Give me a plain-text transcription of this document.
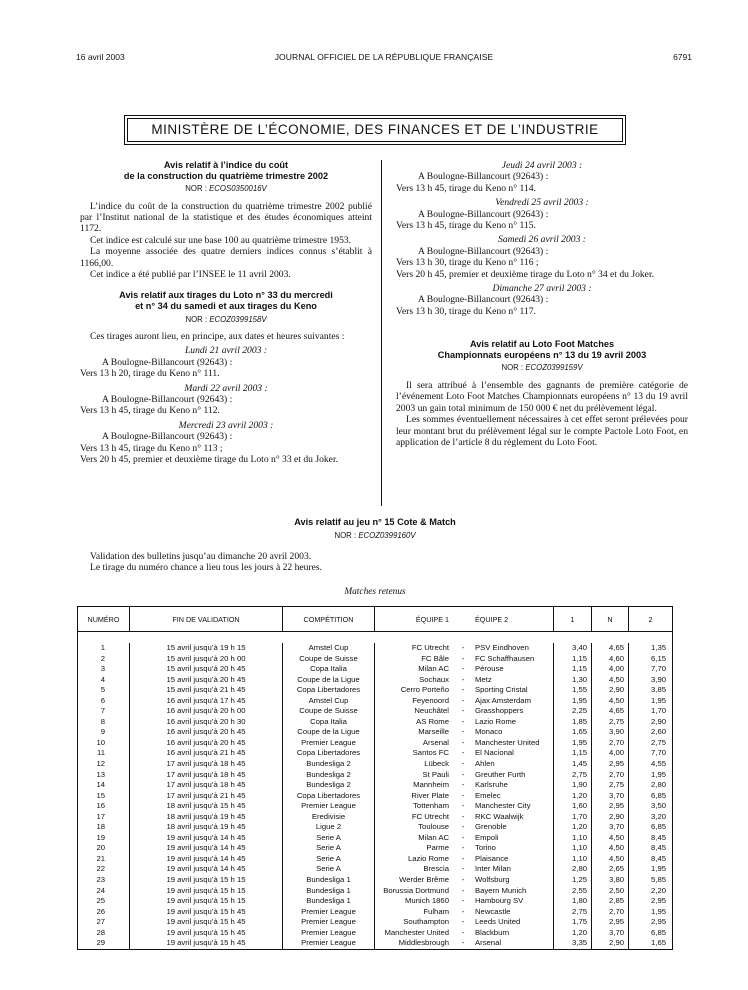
JOURNAL OFFICIEL DE LA RÉPUBLIQUE FRANÇAISE
16 avril 2003	6791
MINISTÈRE DE L’ÉCONOMIE, DES FINANCES ET DE L’INDUSTRIE
Avis relatif à l’indice du coût
de la construction du quatrième trimestre 2002
NOR : ECOS0350016V
L’indice du coût de la construction du quatrième trimestre 2002 publié par l’Institut national de la statistique et des études économiques atteint 1172.
Cet indice est calculé sur une base 100 au quatrième trimestre 1953.
La moyenne associée des quatre derniers indices connus s’établit à 1166,00.
Cet indice a été publié par l’INSEE le 11 avril 2003.
Avis relatif aux tirages du Loto n° 33 du mercredi
et n° 34 du samedi et aux tirages du Keno
NOR : ECOZ0399158V
Ces tirages auront lieu, en principe, aux dates et heures suivantes :
Lundi 21 avril 2003 :
A Boulogne-Billancourt (92643) :
Vers 13 h 20, tirage du Keno n° 111.
Mardi 22 avril 2003 :
A Boulogne-Billancourt (92643) :
Vers 13 h 45, tirage du Keno n° 112.
Mercredi 23 avril 2003 :
A Boulogne-Billancourt (92643) :
Vers 13 h 45, tirage du Keno n° 113 ;
Vers 20 h 45, premier et deuxième tirage du Loto n° 33 et du Joker.
Jeudi 24 avril 2003 :
A Boulogne-Billancourt (92643) :
Vers 13 h 45, tirage du Keno n° 114.
Vendredi 25 avril 2003 :
A Boulogne-Billancourt (92643) :
Vers 13 h 45, tirage du Keno n° 115.
Samedi 26 avril 2003 :
A Boulogne-Billancourt (92643) :
Vers 13 h 30, tirage du Keno n° 116 ;
Vers 20 h 45, premier et deuxième tirage du Loto n° 34 et du Joker.
Dimanche 27 avril 2003 :
A Boulogne-Billancourt (92643) :
Vers 13 h 30, tirage du Keno n° 117.
Avis relatif au Loto Foot Matches
Championnats européens n° 13 du 19 avril 2003
NOR : ECOZ0399159V
Il sera attribué à l’ensemble des gagnants de première catégorie de l’événement Loto Foot Matches Championnats européens n° 13 du 19 avril 2003 un gain total minimum de 150 000 € net du prélèvement légal.
Les sommes éventuellement nécessaires à cet effet seront prélevées pour leur montant brut du prélèvement légal sur le compte Pactole Loto Foot, en application de l’article 8 du règlement du Loto Foot.
Avis relatif au jeu n° 15 Cote & Match
NOR : ECOZ0399160V
Validation des bulletins jusqu’au dimanche 20 avril 2003.
Le tirage du numéro chance a lieu tous les jours à 22 heures.
Matches retenus
NUMÉRO	FIN DE VALIDATION	COMPÉTITION	ÉQUIPE 1	ÉQUIPE 2	1	N	2
1	15 avril jusqu’à 19 h 15	Amstel Cup	FC Utrecht	-	PSV Eindhoven	3,40	4,65	1,35
2	15 avril jusqu’à 20 h 00	Coupe de Suisse	FC Bâle	-	FC Schaffhausen	1,15	4,60	6,15
3	15 avril jusqu’à 20 h 45	Copa Italia	Milan AC	-	Pérouse	1,15	4,00	7,70
4	15 avril jusqu’à 20 h 45	Coupe de la Ligue	Sochaux	-	Metz	1,30	4,50	3,90
5	15 avril jusqu’à 21 h 45	Copa Libertadores	Cerro Porteño	-	Sporting Cristal	1,55	2,90	3,85
6	16 avril jusqu’à 17 h 45	Amstel Cup	Feyenoord	-	Ajax Amsterdam	1,95	4,50	1,95
7	16 avril jusqu’à 20 h 00	Coupe de Suisse	Neuchâtel	-	Grasshoppers	2,25	4,65	1,70
8	16 avril jusqu’à 20 h 30	Copa Italia	AS Rome	-	Lazio Rome	1,85	2,75	2,90
9	16 avril jusqu’à 20 h 45	Coupe de la Ligue	Marseille	-	Monaco	1,65	3,90	2,60
10	16 avril jusqu’à 20 h 45	Premier League	Arsenal	-	Manchester United	1,95	2,70	2,75
11	16 avril jusqu’à 21 h 45	Copa Libertadores	Santos FC	-	El Nacional	1,15	4,00	7,70
12	17 avril jusqu’à 18 h 45	Bundesliga 2	Lübeck	-	Ahlen	1,45	2,95	4,55
13	17 avril jusqu’à 18 h 45	Bundesliga 2	St Pauli	-	Greuther Furth	2,75	2,70	1,95
14	17 avril jusqu’à 18 h 45	Bundesliga 2	Mannheim	-	Karlsruhe	1,90	2,75	2,80
15	17 avril jusqu’à 21 h 45	Copa Libertadores	River Plate	-	Emelec	1,20	3,70	6,85
16	18 avril jusqu’à 15 h 45	Premier League	Tottenham	-	Manchester City	1,60	2,95	3,50
17	18 avril jusqu’à 19 h 45	Eredivisie	FC Utrecht	-	RKC Waalwijk	1,70	2,90	3,20
18	18 avril jusqu’à 19 h 45	Ligue 2	Toulouse	-	Grenoble	1,20	3,70	6,85
19	19 avril jusqu’à 14 h 45	Serie A	Milan AC	-	Empoli	1,10	4,50	8,45
20	19 avril jusqu’à 14 h 45	Serie A	Parme	-	Torino	1,10	4,50	8,45
21	19 avril jusqu’à 14 h 45	Serie A	Lazio Rome	-	Plaisance	1,10	4,50	8,45
22	19 avril jusqu’à 14 h 45	Serie A	Brescia	-	Inter Milan	2,80	2,65	1,95
23	19 avril jusqu’à 15 h 15	Bundesliga 1	Werder Brême	-	Wolfsburg	1,25	3,80	5,85
24	19 avril jusqu’à 15 h 15	Bundesliga 1	Borussia Dortmund	-	Bayern Munich	2,55	2,50	2,20
25	19 avril jusqu’à 15 h 15	Bundesliga 1	Munich 1860	-	Hambourg SV	1,80	2,85	2,95
26	19 avril jusqu’à 15 h 45	Premier League	Fulham	-	Newcastle	2,75	2,70	1,95
27	19 avril jusqu’à 15 h 45	Premier League	Southampton	-	Leeds United	1,75	2,95	2,95
28	19 avril jusqu’à 15 h 45	Premier League	Manchester United	-	Blackburn	1,20	3,70	6,85
29	19 avril jusqu’à 15 h 45	Premier League	Middlesbrough	-	Arsenal	3,35	2,90	1,65
